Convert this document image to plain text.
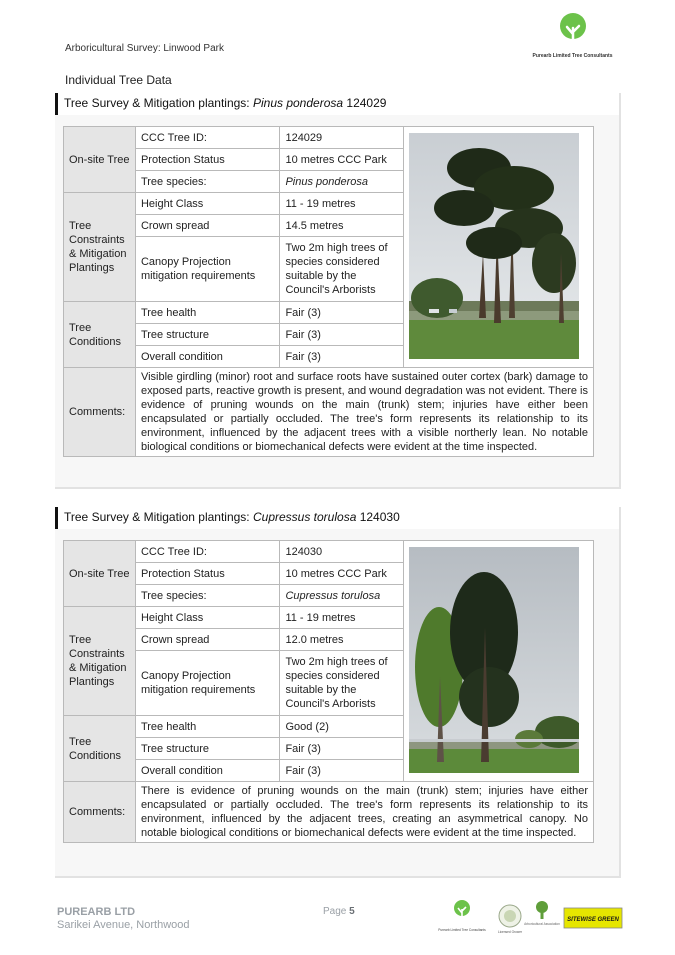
Arboricultural Survey: Linwood Park
Purearb Limited Tree Consultants
Individual Tree Data
Tree Survey & Mitigation plantings: Pinus ponderosa 124029
On-site Tree	CCC Tree ID:	124029	
	Protection Status	10 metres CCC Park	
	Tree species:	Pinus ponderosa	
Tree Constraints & Mitigation Plantings	Height Class	11 - 19 metres	
	Crown spread	14.5 metres	
	Canopy Projection mitigation requirements	Two 2m high trees of species considered suitable by the Council's Arborists	
Tree Conditions	Tree health	Fair (3)	
	Tree structure	Fair (3)	
	Overall condition	Fair (3)	
Comments:	Visible girdling (minor) root and surface roots have sustained outer cortex (bark) damage to exposed parts, reactive growth is present, and wound degradation was not evident. There is evidence of pruning wounds on the main (trunk) stem; injuries have either been encapsulated or partially occluded. The tree's form represents its relationship to its environment, influenced by the adjacent trees with a visible northerly lean. No notable biological conditions or biomechanical defects were evident at the time inspected.		
Tree Survey & Mitigation plantings: Cupressus torulosa 124030
On-site Tree	CCC Tree ID:	124030	
	Protection Status	10 metres CCC Park	
	Tree species:	Cupressus torulosa	
Tree Constraints & Mitigation Plantings	Height Class	11 - 19 metres	
	Crown spread	12.0 metres	
	Canopy Projection mitigation requirements	Two 2m high trees of species considered suitable by the Council's Arborists	
Tree Conditions	Tree health	Good (2)	
	Tree structure	Fair (3)	
	Overall condition	Fair (3)	
Comments:	There is evidence of pruning wounds on the main (trunk) stem; injuries have either encapsulated or partially occluded. The tree's form represents its relationship to its environment, influenced by the adjacent trees, creating an asymmetrical canopy. No notable biological conditions or biomechanical defects were evident at the time inspected.		
PUREARB LTD
Sarikei Avenue, Northwood
Page 5
Purearb Limited Tree Consultants	Licensed Grower
Arboricultural Association
SITEWISE GREEN
